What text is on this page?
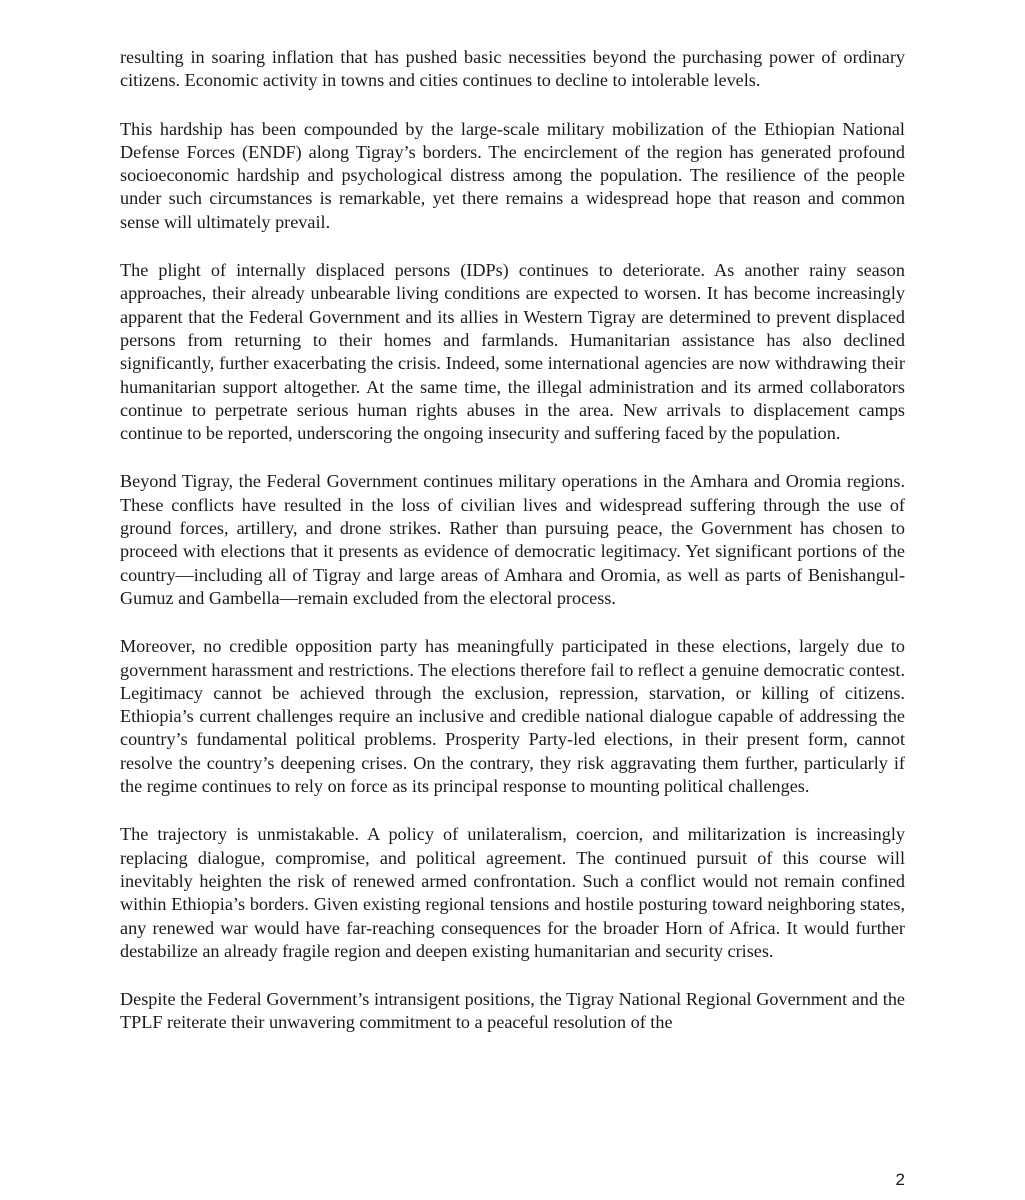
resulting in soaring inflation that has pushed basic necessities beyond the purchasing power of ordinary citizens. Economic activity in towns and cities continues to decline to intolerable levels.

This hardship has been compounded by the large-scale military mobilization of the Ethiopian National Defense Forces (ENDF) along Tigray’s borders. The encirclement of the region has generated profound socioeconomic hardship and psychological distress among the population. The resilience of the people under such circumstances is remarkable, yet there remains a widespread hope that reason and common sense will ultimately prevail.

The plight of internally displaced persons (IDPs) continues to deteriorate. As another rainy season approaches, their already unbearable living conditions are expected to worsen. It has become increasingly apparent that the Federal Government and its allies in Western Tigray are determined to prevent displaced persons from returning to their homes and farmlands. Humanitarian assistance has also declined significantly, further exacerbating the crisis. Indeed, some international agencies are now withdrawing their humanitarian support altogether. At the same time, the illegal administration and its armed collaborators continue to perpetrate serious human rights abuses in the area. New arrivals to displacement camps continue to be reported, underscoring the ongoing insecurity and suffering faced by the population.

Beyond Tigray, the Federal Government continues military operations in the Amhara and Oromia regions. These conflicts have resulted in the loss of civilian lives and widespread suffering through the use of ground forces, artillery, and drone strikes. Rather than pursuing peace, the Government has chosen to proceed with elections that it presents as evidence of democratic legitimacy. Yet significant portions of the country—including all of Tigray and large areas of Amhara and Oromia, as well as parts of Benishangul-Gumuz and Gambella—remain excluded from the electoral process.

Moreover, no credible opposition party has meaningfully participated in these elections, largely due to government harassment and restrictions. The elections therefore fail to reflect a genuine democratic contest. Legitimacy cannot be achieved through the exclusion, repression, starvation, or killing of citizens. Ethiopia’s current challenges require an inclusive and credible national dialogue capable of addressing the country’s fundamental political problems. Prosperity Party-led elections, in their present form, cannot resolve the country’s deepening crises. On the contrary, they risk aggravating them further, particularly if the regime continues to rely on force as its principal response to mounting political challenges.

The trajectory is unmistakable. A policy of unilateralism, coercion, and militarization is increasingly replacing dialogue, compromise, and political agreement. The continued pursuit of this course will inevitably heighten the risk of renewed armed confrontation. Such a conflict would not remain confined within Ethiopia’s borders. Given existing regional tensions and hostile posturing toward neighboring states, any renewed war would have far-reaching consequences for the broader Horn of Africa. It would further destabilize an already fragile region and deepen existing humanitarian and security crises.

Despite the Federal Government’s intransigent positions, the Tigray National Regional Government and the TPLF reiterate their unwavering commitment to a peaceful resolution of the

2
